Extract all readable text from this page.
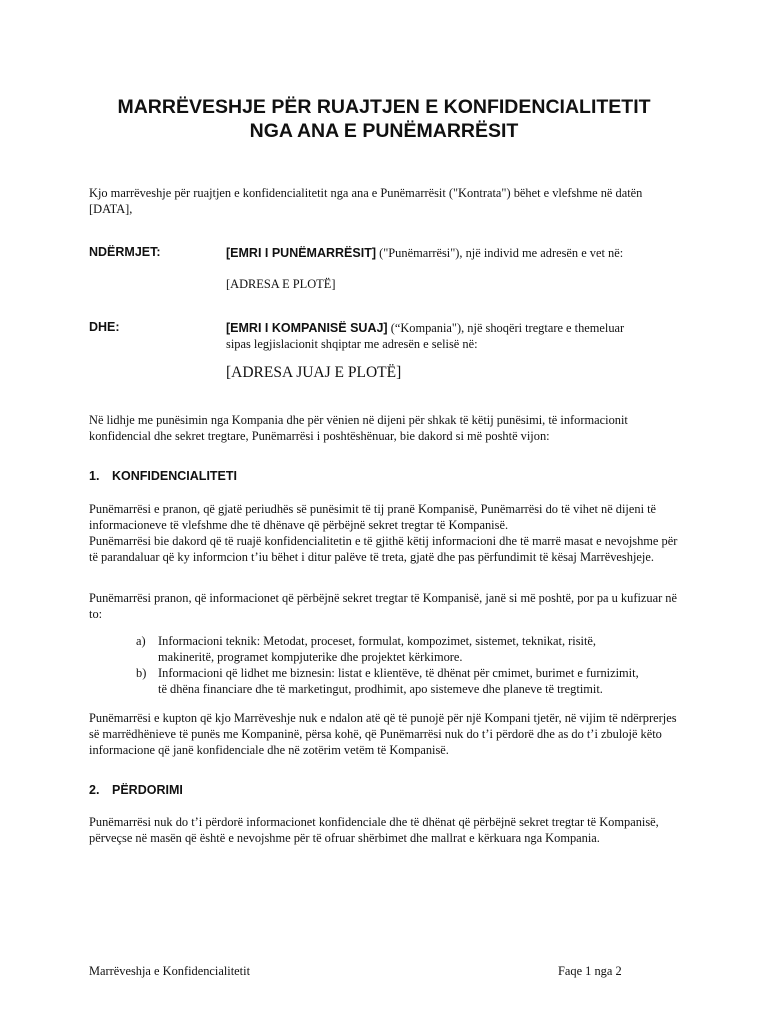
MARRËVESHJE PËR RUAJTJEN E KONFIDENCIALITETIT
NGA ANA E PUNËMARRËSIT

Kjo marrëveshje për ruajtjen e konfidencialitetit nga ana e Punëmarrësit ("Kontrata") bëhet e vlefshme në datën [DATA],

NDËRMJET:	[EMRI I PUNËMARRËSIT] ("Punëmarrësi"), një individ me adresën e vet në:

[ADRESA E PLOTË]
DHE:	[EMRI I KOMPANISË SUAJ] (“Kompania"), një shoqëri tregtare e themeluar sipas legjislacionit shqiptar me adresën e selisë në:

[ADRESA JUAJ E PLOTË]

Në lidhje me punësimin nga Kompania dhe për vënien në dijeni për shkak të këtij punësimi, të informacionit konfidencial dhe sekret tregtare, Punëmarrësi i poshtëshënuar, bie dakord si më poshtë vijon:

1. KONFIDENCIALITETI

Punëmarrësi e pranon, që gjatë periudhës së punësimit të tij pranë Kompanisë, Punëmarrësi do të vihet në dijeni të informacioneve të vlefshme dhe të dhënave që përbëjnë sekret tregtar të Kompanisë.

Punëmarrësi bie dakord që të ruajë konfidencialitetin e të gjithë këtij informacioni dhe të marrë masat e nevojshme për të parandaluar që ky informcion t’iu bëhet i ditur palëve të treta, gjatë dhe pas përfundimit të kësaj Marrëveshjeje.

Punëmarrësi pranon, që informacionet që përbëjnë sekret tregtar të Kompanisë, janë si më poshtë, por pa u kufizuar në to:

a) Informacioni teknik: Metodat, proceset, formulat, kompozimet, sistemet, teknikat, risitë, makineritë, programet kompjuterike dhe projektet kërkimore.
b) Informacioni që lidhet me biznesin: listat e klientëve, të dhënat për cmimet, burimet e furnizimit, të dhëna financiare dhe të marketingut, prodhimit, apo sistemeve dhe planeve të tregtimit.

Punëmarrësi e kupton që kjo Marrëveshje nuk e ndalon atë që të punojë për një Kompani tjetër, në vijim të ndërprerjes së marrëdhënieve të punës me Kompaninë, përsa kohë, që Punëmarrësi nuk do t’i përdorë dhe as do t’i zbulojë këto informacione që janë konfidenciale dhe në zotërim vetëm të Kompanisë.

2. PËRDORIMI

Punëmarrësi nuk do t’i përdorë informacionet konfidenciale dhe të dhënat që përbëjnë sekret tregtar të Kompanisë, përveçse në masën që është e nevojshme për të ofruar shërbimet dhe mallrat e kërkuara nga Kompania.

Marrëveshja e Konfidencialitetit	Faqe 1 nga 2
